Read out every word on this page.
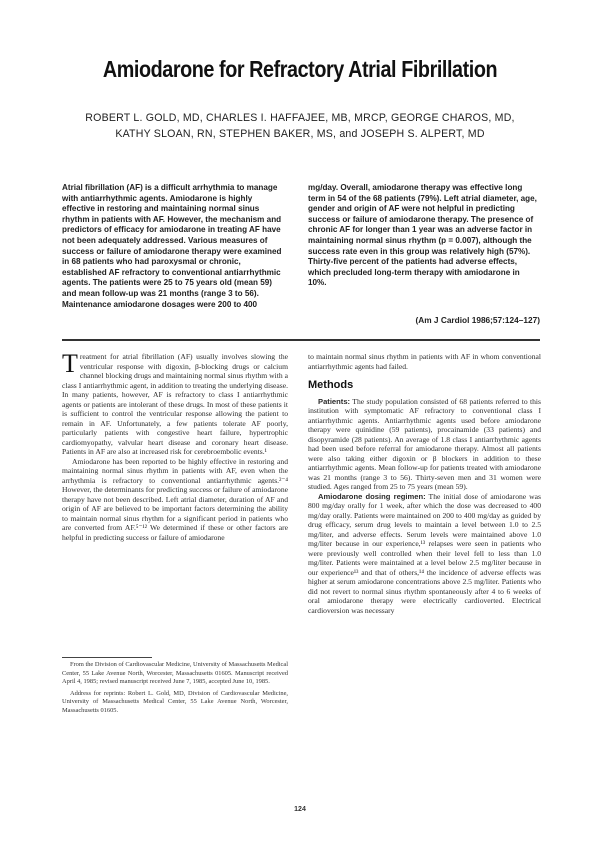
Amiodarone for Refractory Atrial Fibrillation
ROBERT L. GOLD, MD, CHARLES I. HAFFAJEE, MB, MRCP, GEORGE CHAROS, MD,
KATHY SLOAN, RN, STEPHEN BAKER, MS, and JOSEPH S. ALPERT, MD
Atrial fibrillation (AF) is a difficult arrhythmia to manage with antiarrhythmic agents. Amiodarone is highly effective in restoring and maintaining normal sinus rhythm in patients with AF. However, the mechanism and predictors of efficacy for amiodarone in treating AF have not been adequately addressed. Various measures of success or failure of amiodarone therapy were examined in 68 patients who had paroxysmal or chronic, established AF refractory to conventional antiarrhythmic agents. The patients were 25 to 75 years old (mean 59) and mean follow-up was 21 months (range 3 to 56). Maintenance amiodarone dosages were 200 to 400
mg/day. Overall, amiodarone therapy was effective long term in 54 of the 68 patients (79%). Left atrial diameter, age, gender and origin of AF were not helpful in predicting success or failure of amiodarone therapy. The presence of chronic AF for longer than 1 year was an adverse factor in maintaining normal sinus rhythm (p = 0.007), although the success rate even in this group was relatively high (57%). Thirty-five percent of the patients had adverse effects, which precluded long-term therapy with amiodarone in 10%.
(Am J Cardiol 1986;57:124–127)

Treatment for atrial fibrillation (AF) usually involves slowing the ventricular response with digoxin, β-blocking drugs or calcium channel blocking drugs and maintaining normal sinus rhythm with a class I antiarrhythmic agent, in addition to treating the underlying disease. In many patients, however, AF is refractory to class I antiarrhythmic agents or patients are intolerant of these drugs. In most of these patients it is sufficient to control the ventricular response allowing the patient to remain in AF. Unfortunately, a few patients tolerate AF poorly, particularly patients with congestive heart failure, hypertrophic cardiomyopathy, valvular heart disease and coronary heart disease. Patients in AF are also at increased risk for cerebroembolic events.¹

Amiodarone has been reported to be highly effective in restoring and maintaining normal sinus rhythm in patients with AF, even when the arrhythmia is refractory to conventional antiarrhythmic agents.²⁻⁴ However, the determinants for predicting success or failure of amiodarone therapy have not been described. Left atrial diameter, duration of AF and origin of AF are believed to be important factors determining the ability to maintain normal sinus rhythm for a significant period in patients who are converted from AF.⁵⁻¹² We determined if these or other factors are helpful in predicting success or failure of amiodarone

to maintain normal sinus rhythm in patients with AF in whom conventional antiarrhythmic agents had failed.

Methods

Patients: The study population consisted of 68 patients referred to this institution with symptomatic AF refractory to conventional class I antiarrhythmic agents. Antiarrhythmic agents used before amiodarone therapy were quinidine (59 patients), procainamide (33 patients) and disopyramide (28 patients). An average of 1.8 class I antiarrhythmic agents had been used before referral for amiodarone therapy. Almost all patients were also taking either digoxin or β blockers in addition to these antiarrhythmic agents. Mean follow-up for patients treated with amiodarone was 21 months (range 3 to 56). Thirty-seven men and 31 women were studied. Ages ranged from 25 to 75 years (mean 59).

Amiodarone dosing regimen: The initial dose of amiodarone was 800 mg/day orally for 1 week, after which the dose was decreased to 400 mg/day orally. Patients were maintained on 200 to 400 mg/day as guided by drug efficacy, serum drug levels to maintain a level between 1.0 to 2.5 mg/liter, and adverse effects. Serum levels were maintained above 1.0 mg/liter because in our experience,¹³ relapses were seen in patients who were previously well controlled when their level fell to less than 1.0 mg/liter. Patients were maintained at a level below 2.5 mg/liter because in our experience¹³ and that of others,¹⁴ the incidence of adverse effects was higher at serum amiodarone concentrations above 2.5 mg/liter. Patients who did not revert to normal sinus rhythm spontaneously after 4 to 6 weeks of oral amiodarone therapy were electrically cardioverted. Electrical cardioversion was necessary

From the Division of Cardiovascular Medicine, University of Massachusetts Medical Center, 55 Lake Avenue North, Worcester, Massachusetts 01605. Manuscript received April 4, 1985; revised manuscript received June 7, 1985, accepted June 10, 1985.

Address for reprints: Robert L. Gold, MD, Division of Cardiovascular Medicine, University of Massachusetts Medical Center, 55 Lake Avenue North, Worcester, Massachusetts 01605.

124
